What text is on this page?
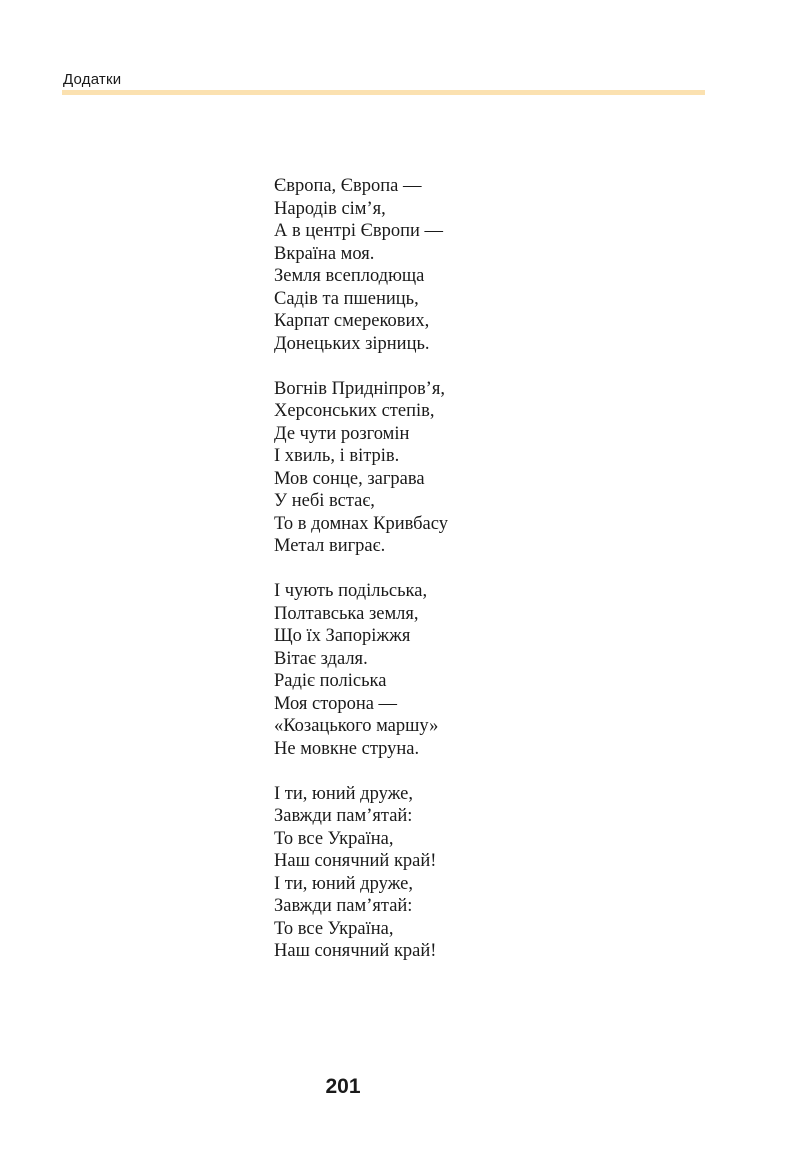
Додатки
Європа, Європа —
Народів сім’я,
А в центрі Європи —
Вкраїна моя.
Земля всеплодюща
Садів та пшениць,
Карпат смерекових,
Донецьких зірниць.
Вогнів Придніпров’я,
Херсонських степів,
Де чути розгомін
І хвиль, і вітрів.
Мов сонце, заграва
У небі встає,
То в домнах Кривбасу
Метал виграє.
І чують подільська,
Полтавська земля,
Що їх Запоріжжя
Вітає здаля.
Радіє поліська
Моя сторона —
«Козацького маршу»
Не мовкне струна.
І ти, юний друже,
Завжди пам’ятай:
То все Україна,
Наш сонячний край!
І ти, юний друже,
Завжди пам’ятай:
То все Україна,
Наш сонячний край!
201
